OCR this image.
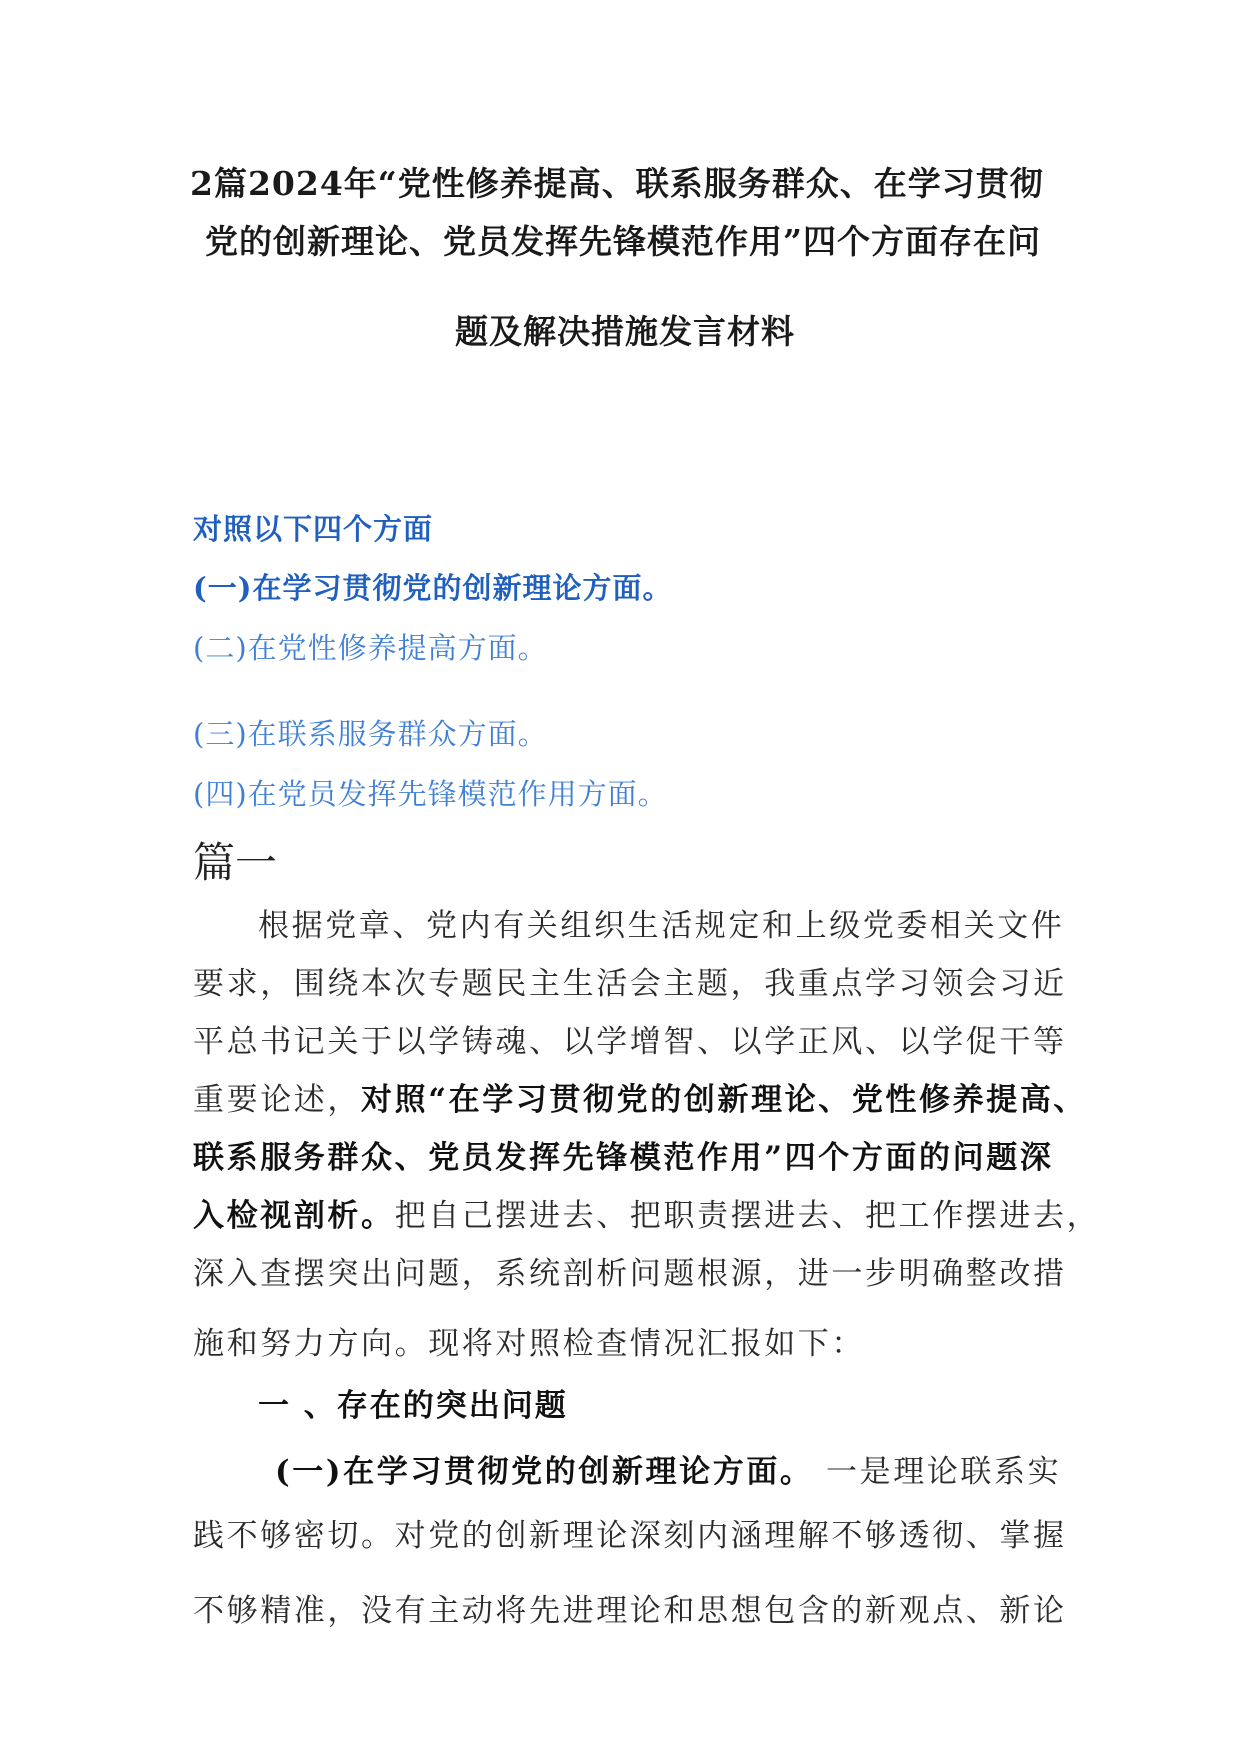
2篇2024年“党性修养提高、联系服务群众、在学习贯彻
党的创新理论、党员发挥先锋模范作用”四个方面存在问
题及解决措施发言材料
对照以下四个方面
(一)在学习贯彻党的创新理论方面。
(二)在党性修养提高方面。
(三)在联系服务群众方面。
(四)在党员发挥先锋模范作用方面。
篇一
根据党章、党内有关组织生活规定和上级党委相关文件
要求，围绕本次专题民主生活会主题，我重点学习领会习近
平总书记关于以学铸魂、以学增智、以学正风、以学促干等
重要论述，对照“在学习贯彻党的创新理论、党性修养提高、
联系服务群众、党员发挥先锋模范作用”四个方面的问题深
入检视剖析。把自己摆进去、把职责摆进去、把工作摆进去，
深入查摆突出问题，系统剖析问题根源，进一步明确整改措
施和努力方向。现将对照检查情况汇报如下：
一 、存在的突出问题
(一)在学习贯彻党的创新理论方面。 一是理论联系实
践不够密切。对党的创新理论深刻内涵理解不够透彻、掌握
不够精准，没有主动将先进理论和思想包含的新观点、新论
